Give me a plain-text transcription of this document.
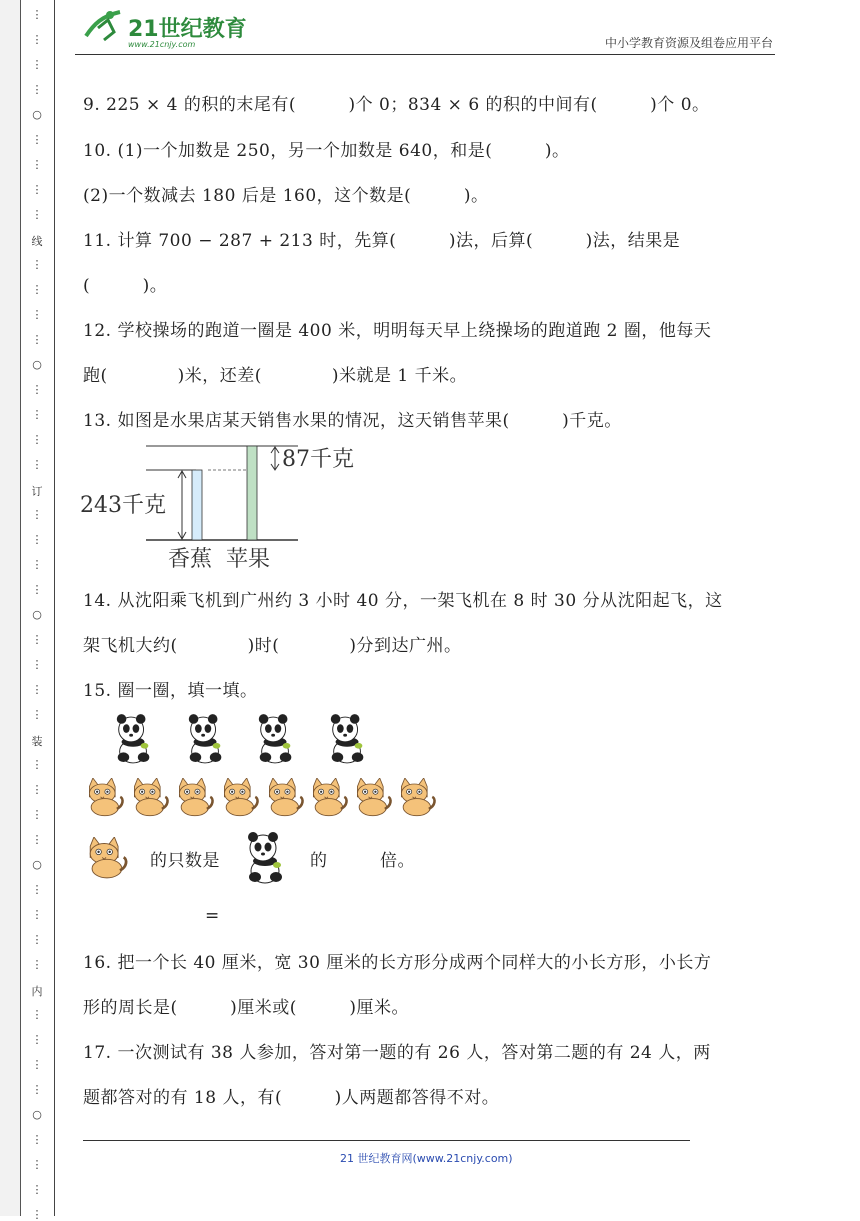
⋮
⋮
⋮
⋮
○
⋮
⋮
⋮
⋮
线
⋮
⋮
⋮
⋮
○
⋮
⋮
⋮
⋮
订
⋮
⋮
⋮
⋮
○
⋮
⋮
⋮
⋮
装
⋮
⋮
⋮
⋮
○
⋮
⋮
⋮
⋮
内
⋮
⋮
⋮
⋮
○
⋮
⋮
⋮
⋮
21世纪教育
www.21cnjy.com	中小学教育资源及组卷应用平台
9. 225 × 4 的积的末尾有(　　　)个 0；834 × 6 的积的中间有(　　　)个 0。
10. (1)一个加数是 250，另一个加数是 640，和是(　　　)。
(2)一个数减去 180 后是 160，这个数是(　　　)。
11. 计算 700 − 287 + 213 时，先算(　　　)法，后算(　　　)法，结果是
(　　　)。
12. 学校操场的跑道一圈是 400 米，明明每天早上绕操场的跑道跑 2 圈，他每天
跑(　　　　)米，还差(　　　　)米就是 1 千米。
13. 如图是水果店某天销售水果的情况，这天销售苹果(　　　)千克。
243千克
87千克
香蕉 苹果
14. 从沈阳乘飞机到广州约 3 小时 40 分，一架飞机在 8 时 30 分从沈阳起飞，这
架飞机大约(　　　　)时(　　　　)分到达广州。
15. 圈一圈，填一填。
的只数是	的	倍。
=
16. 把一个长 40 厘米，宽 30 厘米的长方形分成两个同样大的小长方形，小长方
形的周长是(　　　)厘米或(　　　)厘米。
17. 一次测试有 38 人参加，答对第一题的有 26 人，答对第二题的有 24 人，两
题都答对的有 18 人，有(　　　)人两题都答得不对。
21 世纪教育网(www.21cnjy.com)
